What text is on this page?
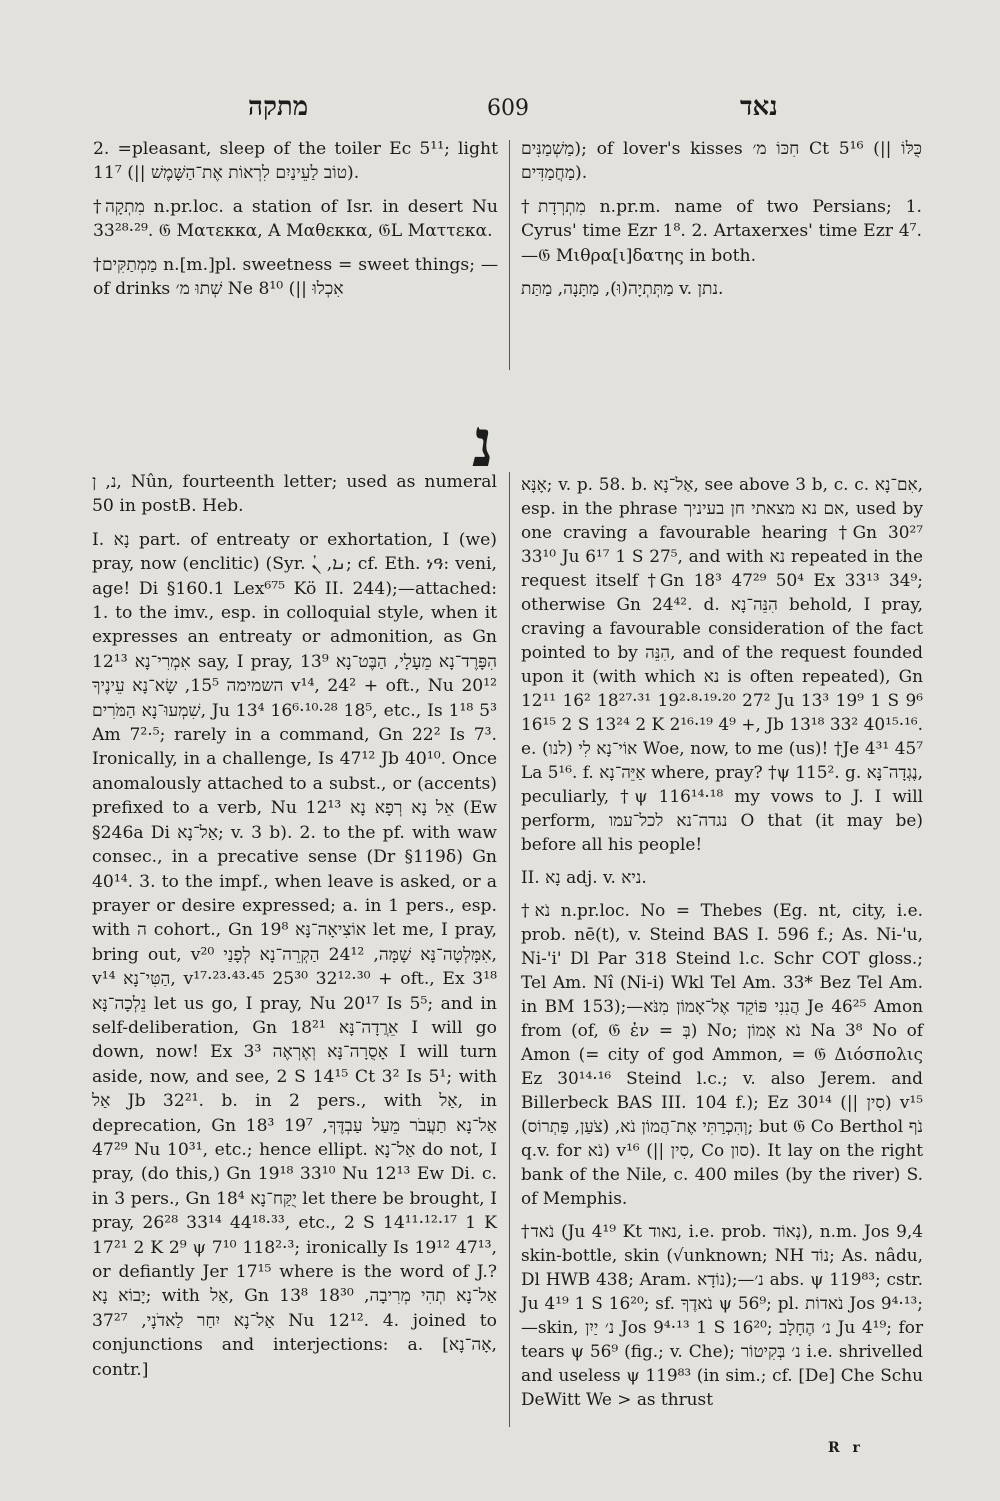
מתקה	609	נאד

2. =pleasant, sleep of the toiler Ec 5¹¹; light 11⁷ (|| טוֹב לַעֵינַיִם לִרְאוֹת אֶת־הַשָּׁמֶשׁ).

†מִתְקָה n.pr.loc. a station of Isr. in desert Nu 33²⁸·²⁹. 𝔊 Ματεκκα, Α Μαθεκκα, 𝔊L Ματτεκα.

†מַמְתַקִּים n.[m.]pl. sweetness = sweet things; — of drinks שְׁתוּ מ׳ Ne 8¹⁰ (|| אִכְלוּ

מַשְׁמַנִּים); of lover's kisses חִכּוֹ מ׳ Ct 5¹⁶ (|| כֻּלּוֹ מַחֲמַדִּים).

†מִתְרְדָת n.pr.m. name of two Persians; 1. Cyrus' time Ezr 1⁸. 2. Artaxerxes' time Ezr 4⁷.—𝔊 Μιθρα[ι]δατης in both.

מַתְּתְיָה(וּ), מַתָּנָה, מַתַּת v. נתן.

נ

נ, ן, Nûn, fourteenth letter; used as numeral 50 in postB. Heb.

I. נָא part. of entreaty or exhortation, I (we) pray, now (enclitic) (Syr. ܢܐ, ܢܳ; cf. Eth. ነዓ: veni, age! Di §160.1 Lex⁶⁷⁵ Kö II. 244);—attached: 1. to the imv., esp. in colloquial style, when it expresses an entreaty or admonition, as Gn 12¹³ אִמְרִי־נָא say, I pray, 13⁹ הִפָּרֶד־נָא מֵעָלָי, הַבֶּט־נָא השמימה 15⁵, שָׂא־נָא עֵינֶיךָ v¹⁴, 24² + oft., Nu 20¹² שִׁמְעוּ־נָא הַמֹּרִים, Ju 13⁴ 16⁶·¹⁰·²⁸ 18⁵, etc., Is 1¹⁸ 5³ Am 7²·⁵; rarely in a command, Gn 22² Is 7³. Ironically, in a challenge, Is 47¹² Jb 40¹⁰. Once anomalously attached to a subst., or (accents) prefixed to a verb, Nu 12¹³ אֵל נָא רְפָא נָא (Ew §246a Di אַל־נָא; v. 3 b). 2. to the pf. with waw consec., in a precative sense (Dr §119δ) Gn 40¹⁴. 3. to the impf., when leave is asked, or a prayer or desire expressed; a. in 1 pers., esp. with ה cohort., Gn 19⁸ אוֹצִיאָה־נָּא let me, I pray, bring out, v²⁰ אִמָּלְטָה־נָּא שָׁמָּה, 24¹² הַקְרֵה־נָא לְפָנַי, v¹⁴ הַטִּי־נָא, v¹⁷·²³·⁴³·⁴⁵ 25³⁰ 32¹²·³⁰ + oft., Ex 3¹⁸ נֵלְכָה־נָּא let us go, I pray, Nu 20¹⁷ Is 5⁵; and in self-deliberation, Gn 18²¹ אֵרֲדָה־נָּא I will go down, now! Ex 3³ אָסֻרָה־נָּא וְאֶרְאֶה I will turn aside, now, and see, 2 S 14¹⁵ Ct 3² Is 5¹; with אַל Jb 32²¹. b. in 2 pers., with אַל, in deprecation, Gn 18³ אַל־נָא תַעֲבֹר מֵעַל עַבְדֶּךָ, 19⁷ 47²⁹ Nu 10³¹, etc.; hence ellipt. אַל־נָא do not, I pray, (do this,) Gn 19¹⁸ 33¹⁰ Nu 12¹³ Ew Di. c. in 3 pers., Gn 18⁴ יֻקַּח־נָא let there be brought, I pray, 26²⁸ 33¹⁴ 44¹⁸·³³, etc., 2 S 14¹¹·¹²·¹⁷ 1 K 17²¹ 2 K 2⁹ ψ 7¹⁰ 118²·³; ironically Is 19¹² 47¹³, or defiantly Jer 17¹⁵ where is the word of J.? יָבוֹא נָא; with אַל, Gn 13⁸ אַל־נָא תְהִי מְרִיבָה, 18³⁰ אַל־נָא יִחַר לַאדֹנָי, 37²⁷ Nu 12¹². 4. joined to conjunctions and interjections: a. [אָה־נָא, contr.]

אָנָּא; v. p. 58. b. אַל־נָא, see above 3 b, c. c. אִם־נָא, esp. in the phrase אם נא מצאתי חן בעיניך, used by one craving a favourable hearing †Gn 30²⁷ 33¹⁰ Ju 6¹⁷ 1 S 27⁵, and with נא repeated in the request itself †Gn 18³ 47²⁹ 50⁴ Ex 33¹³ 34⁹; otherwise Gn 24⁴². d. הִנֵּה־נָא behold, I pray, craving a favourable consideration of the fact pointed to by הִנֵּה, and of the request founded upon it (with which נא is often repeated), Gn 12¹¹ 16² 18²⁷·³¹ 19²·⁸·¹⁹·²⁰ 27² Ju 13³ 19⁹ 1 S 9⁶ 16¹⁵ 2 S 13²⁴ 2 K 2¹⁶·¹⁹ 4⁹ +, Jb 13¹⁸ 33² 40¹⁵·¹⁶. e. אוֹי־נָא לִי (לנו) Woe, now, to me (us)! †Je 4³¹ 45⁷ La 5¹⁶. f. אַיֵּה־נָא where, pray? †ψ 115². g. נֶגְדָה־נָּא, peculiarly, †ψ 116¹⁴·¹⁸ my vows to J. I will perform, נגדה־נא לכל־עמו O that (it may be) before all his people!

II. נָא adj. v. ניא.

†נֹא n.pr.loc. No = Thebes (Eg. nt, city, i.e. prob. nē(t), v. Steind BAS I. 596 f.; As. Ni-'u, Ni-'i' Dl Par 318 Steind l.c. Schr COT gloss.; Tel Am. Nî (Ni-i) Wkl Tel Am. 33* Bez Tel Am. in BM 153);—הֲנִנִי פּוֹקֵד אֶל־אָמוֹן מִנֹּא Je 46²⁵ Amon from (of, 𝔊 ἐν = בְּ) No; נֹא אָמוֹן Na 3⁸ No of Amon (= city of god Ammon, = 𝔊 Διόσπολις Ez 30¹⁴·¹⁶ Steind l.c.; v. also Jerem. and Billerbeck BAS III. 104 f.); Ez 30¹⁴ (|| סִין) v¹⁵ וְהִכְרַתִּי אֶת־הֲמוֹן נֹא, (צֹעַן, פַּתְרוֹס); but 𝔊 Co Berthol נֹף q.v. for נֹא) v¹⁶ (|| סִין, Co סון). It lay on the right bank of the Nile, c. 400 miles (by the river) S. of Memphis.

†נֹאד (Ju 4¹⁹ Kt נאוד, i.e. prob. נְאוֹד), n.m. Jos 9,4 skin-bottle, skin (√unknown; NH נוֹד; As. nâdu, Dl HWB 438; Aram. נוֹדָא);—נ׳ abs. ψ 119⁸³; cstr. Ju 4¹⁹ 1 S 16²⁰; sf. נֹאדֶךָ ψ 56⁹; pl. נֹאדוֹת Jos 9⁴·¹³;—skin, נ׳ יַיִן Jos 9⁴·¹³ 1 S 16²⁰; נ׳ הֶחָלָב Ju 4¹⁹; for tears ψ 56⁹ (fig.; v. Che); נ׳ בְּקִיטוֹר i.e. shrivelled and useless ψ 119⁸³ (in sim.; cf. [De] Che Schu DeWitt We > as thrust

R r
